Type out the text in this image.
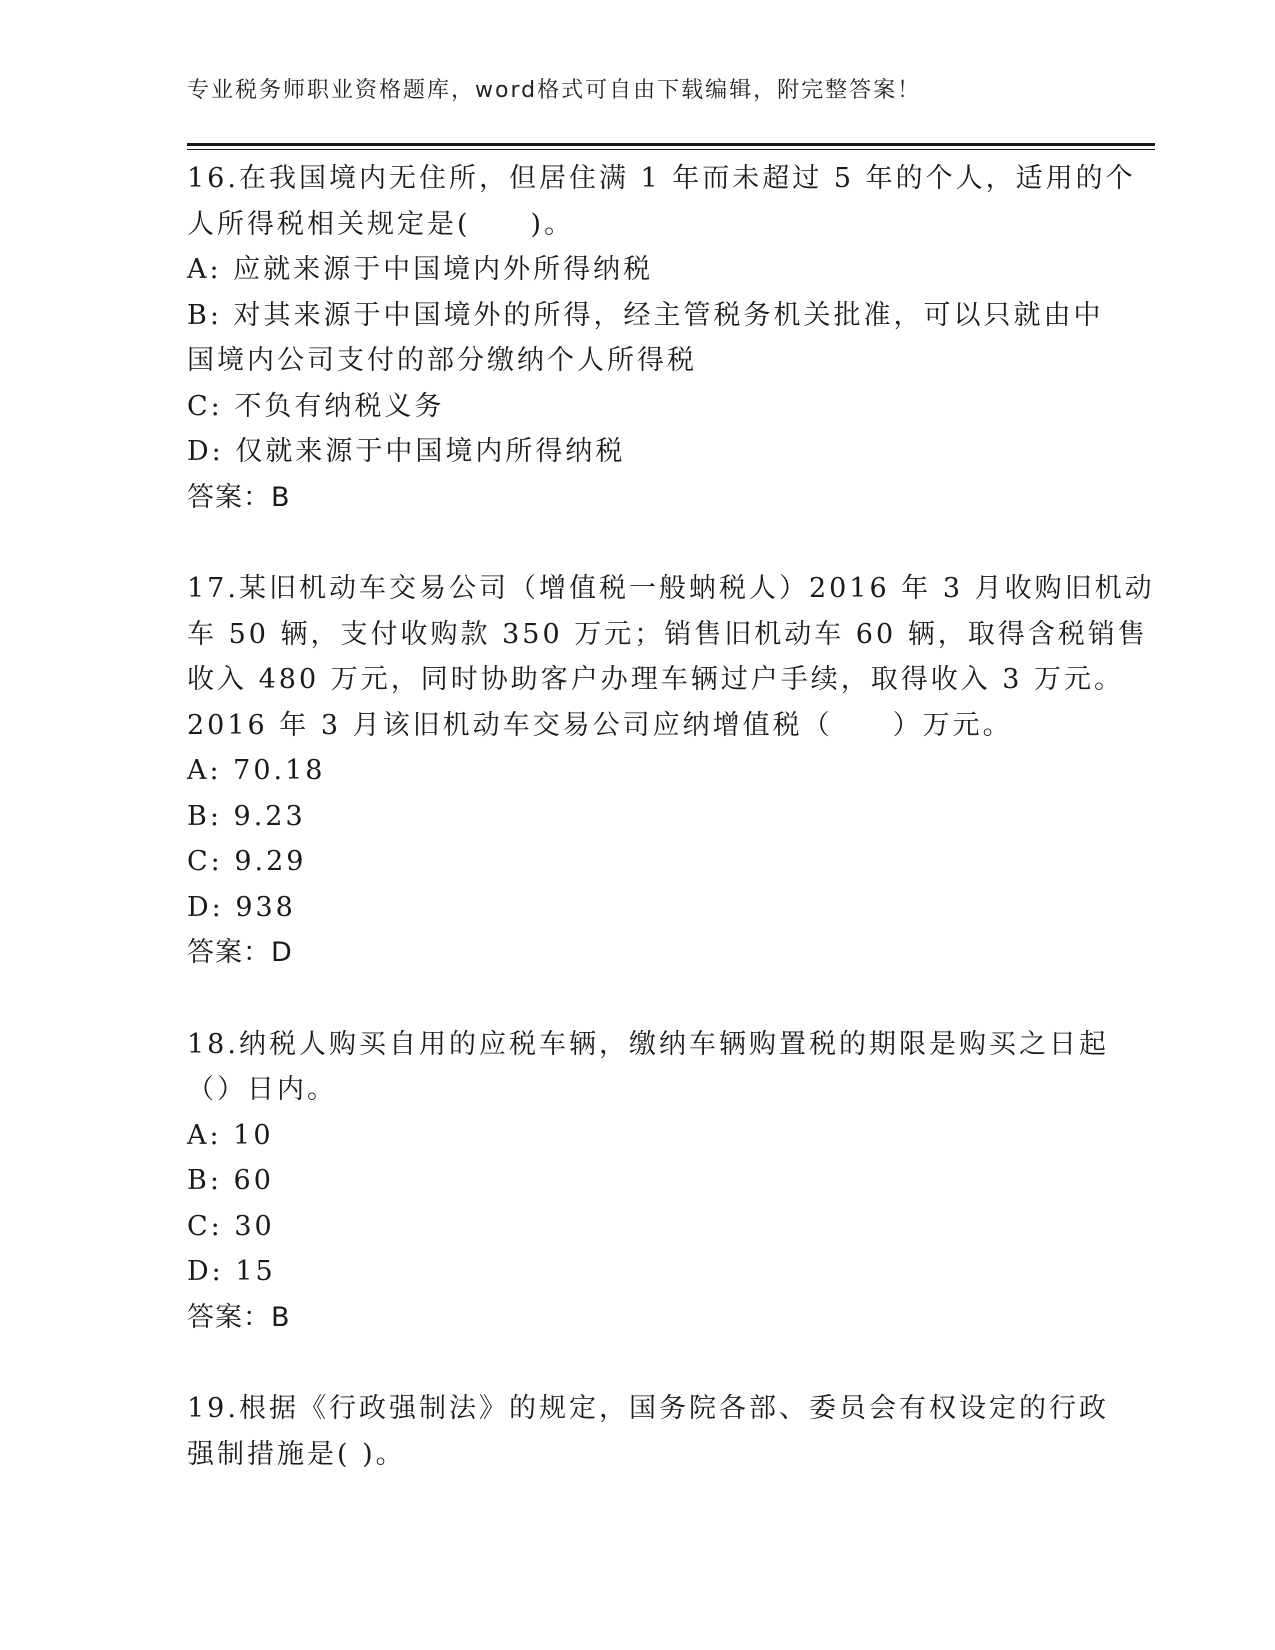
专业税务师职业资格题库，word格式可自由下载编辑，附完整答案！
16.在我国境内无住所，但居住满 1 年而未超过 5 年的个人，适用的个
人所得税相关规定是(　　)。
A: 应就来源于中国境内外所得纳税
B: 对其来源于中国境外的所得，经主管税务机关批准，可以只就由中
国境内公司支付的部分缴纳个人所得税
C: 不负有纳税义务
D: 仅就来源于中国境内所得纳税
答案：B
17.某旧机动车交易公司（增值税一般蚋税人）2016 年 3 月收购旧机动
车 50 辆，支付收购款 350 万元；销售旧机动车 60 辆，取得含税销售
收入 480 万元，同时协助客户办理车辆过户手续，取得收入 3 万元。
2016 年 3 月该旧机动车交易公司应纳增值税（　　）万元。
A: 70.18
B: 9.23
C: 9.29
D: 938
答案：D
18.纳税人购买自用的应税车辆，缴纳车辆购置税的期限是购买之日起
（）日内。
A: 10
B: 60
C: 30
D: 15
答案：B
19.根据《行政强制法》的规定，国务院各部、委员会有权设定的行政
强制措施是( )。
